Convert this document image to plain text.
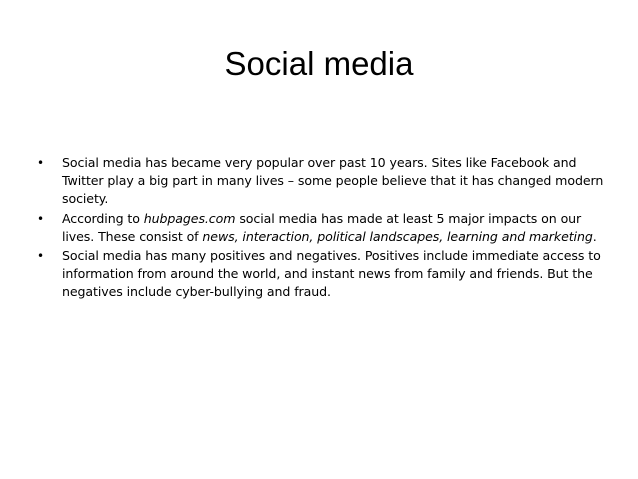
Social media
• Social media has became very popular over past 10 years. Sites like Facebook and Twitter play a big part in many lives – some people believe that it has changed modern society.
• According to hubpages.com social media has made at least 5 major impacts on our lives. These consist of news, interaction, political landscapes, learning and marketing.
• Social media has many positives and negatives. Positives include immediate access to information from around the world, and instant news from family and friends. But the negatives include cyber-bullying and fraud.
